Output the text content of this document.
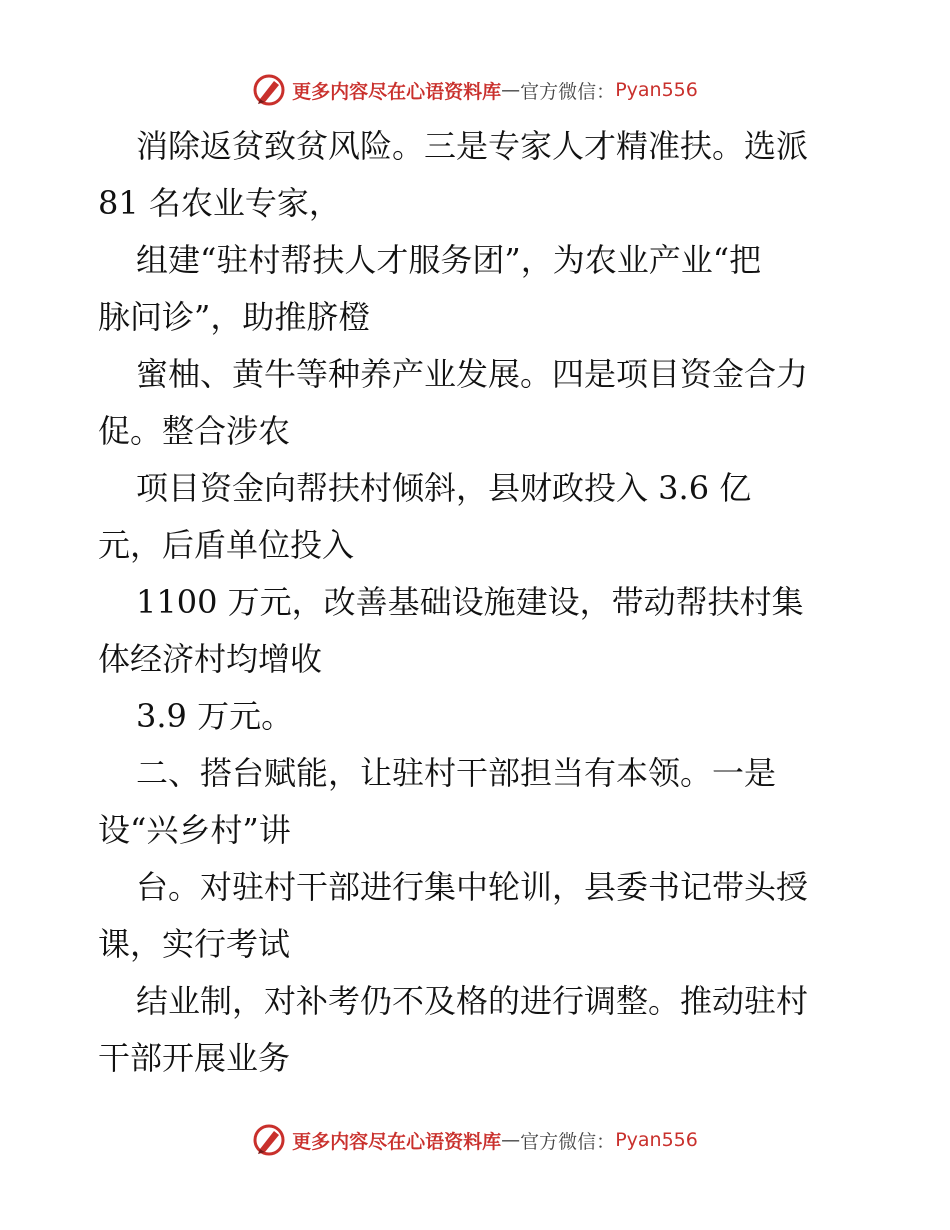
更多内容尽在心语资料库 — 官方微信： Pyan556
消除返贫致贫风险。三是专家人才精准扶。选派
81 名农业专家，
组建“驻村帮扶人才服务团”，为农业产业“把
脉问诊”，助推脐橙
蜜柚、黄牛等种养产业发展。四是项目资金合力
促。整合涉农
项目资金向帮扶村倾斜，县财政投入 3.6 亿
元，后盾单位投入
1100 万元，改善基础设施建设，带动帮扶村集
体经济村均增收
3.9 万元。
二、搭台赋能，让驻村干部担当有本领。一是
设“兴乡村”讲
台。对驻村干部进行集中轮训，县委书记带头授
课，实行考试
结业制，对补考仍不及格的进行调整。推动驻村
干部开展业务
更多内容尽在心语资料库 — 官方微信： Pyan556
